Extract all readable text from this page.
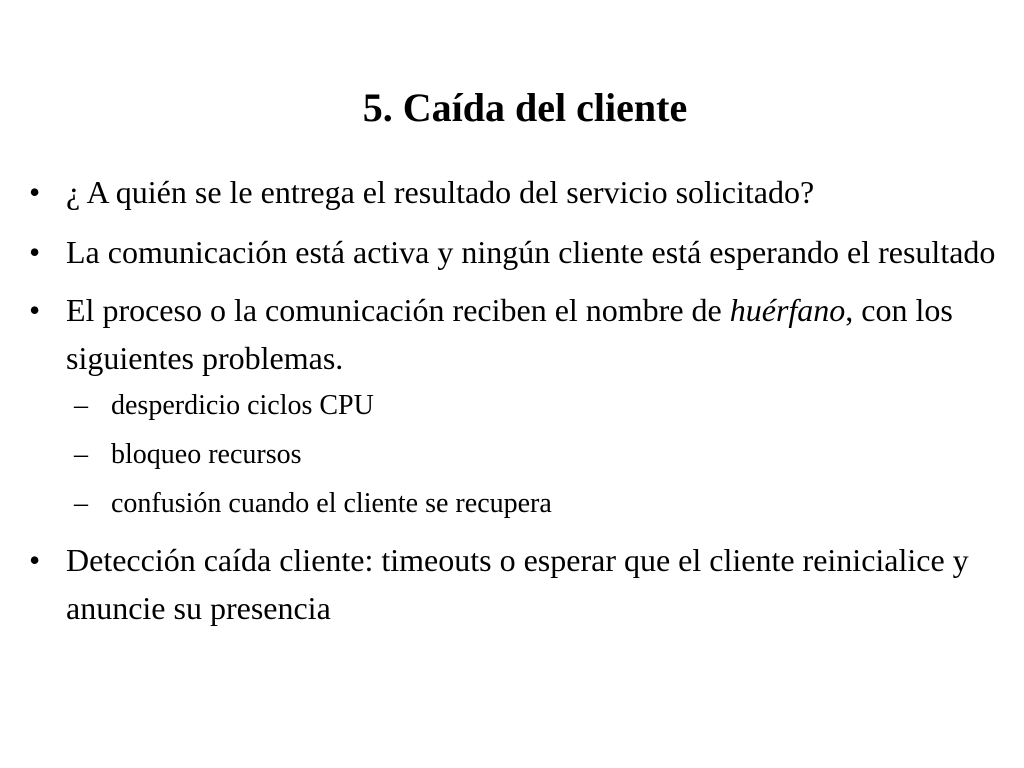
5. Caída del cliente
• ¿ A quién se le entrega el resultado del servicio solicitado?
• La comunicación está activa y ningún cliente está esperando el resultado
• El proceso o la comunicación reciben el nombre de huérfano, con los siguientes problemas.
– desperdicio ciclos CPU
– bloqueo recursos
– confusión cuando el cliente se recupera
• Detección caída cliente: timeouts o esperar que el cliente reinicialice y anuncie su presencia
